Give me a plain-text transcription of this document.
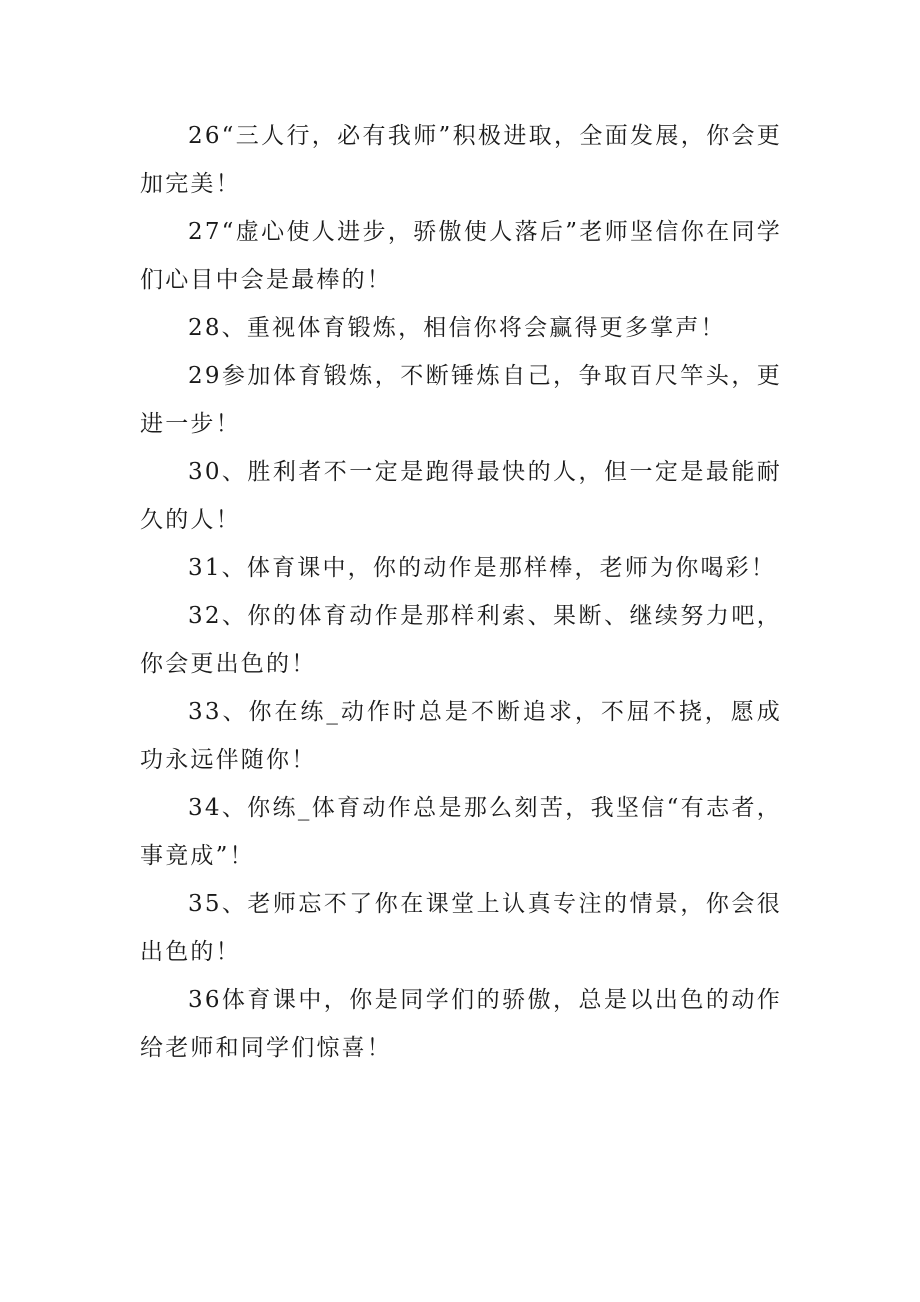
26“三人行，必有我师”积极进取，全面发展，你会更加完美！

27“虚心使人进步，骄傲使人落后”老师坚信你在同学们心目中会是最棒的！

28、重视体育锻炼，相信你将会赢得更多掌声！

29参加体育锻炼，不断锤炼自己，争取百尺竿头，更进一步！

30、胜利者不一定是跑得最快的人，但一定是最能耐久的人！

31、体育课中，你的动作是那样棒，老师为你喝彩！

32、你的体育动作是那样利索、果断、继续努力吧，你会更出色的！

33、你在练_动作时总是不断追求，不屈不挠，愿成功永远伴随你！

34、你练_体育动作总是那么刻苦，我坚信“有志者，事竟成”！

35、老师忘不了你在课堂上认真专注的情景，你会很出色的！

36体育课中，你是同学们的骄傲，总是以出色的动作给老师和同学们惊喜！
